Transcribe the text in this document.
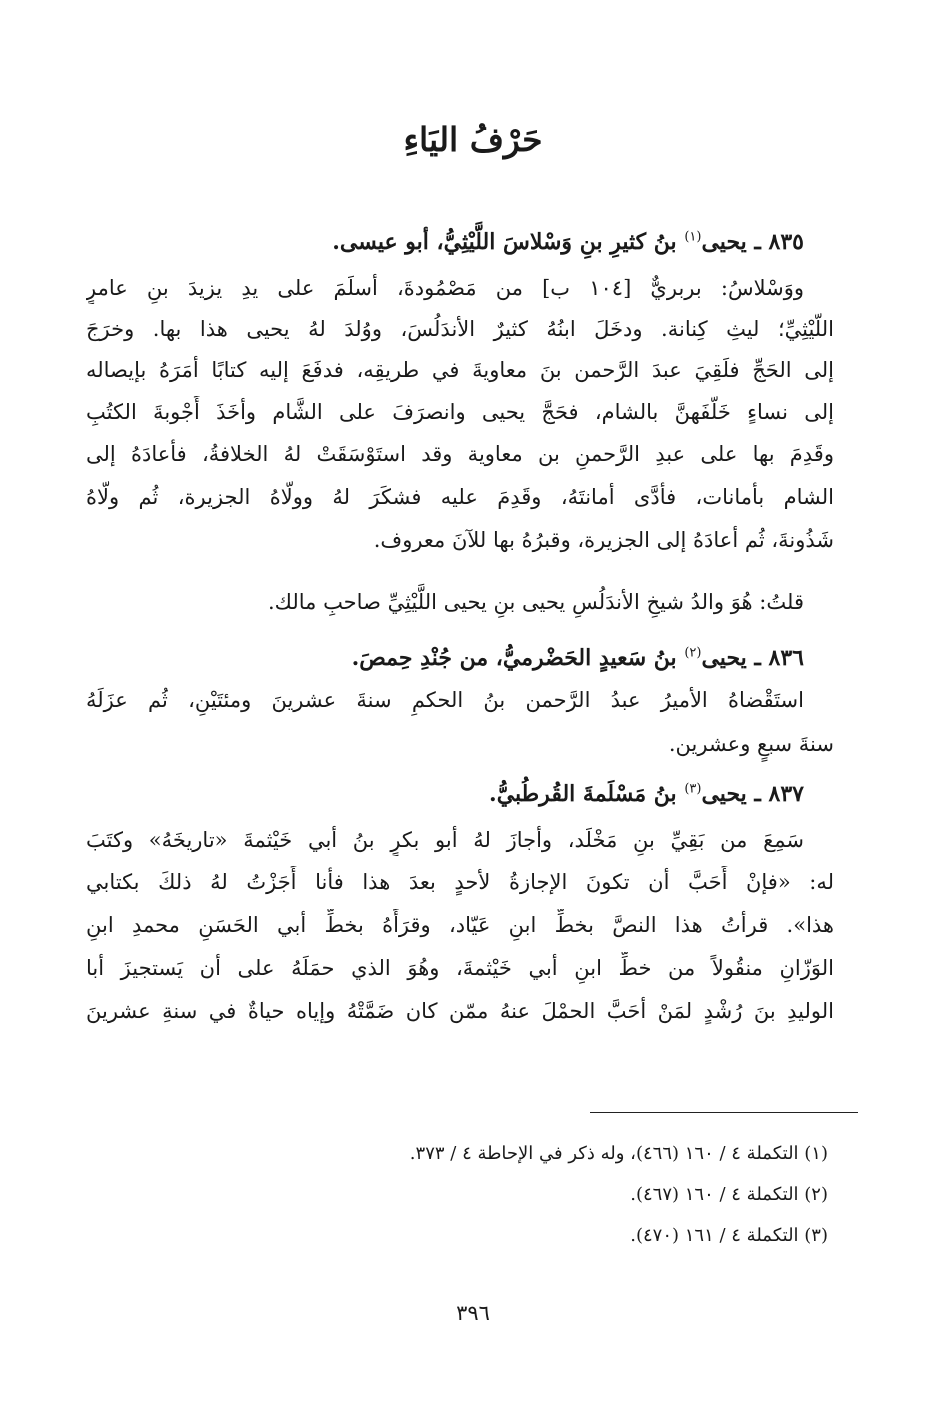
حَرْفُ اليَاءِ
٨٣٥ ـ يحيى$^{(١)}$ بنُ كثيرِ بنِ وَسْلاسَ اللَّيْثِيُّ، أبو عيسى.
ووَسْلاسُ: بربريٌّ [١٠٤ ب] من مَصْمُودةَ، أسلَمَ على يدِ يزيدَ بنِ عامرٍ
اللَّيْثِيِّ؛ ليثِ كِنانة. ودخَلَ ابنُهُ كثيرٌ الأندَلُسَ، ووُلدَ لهُ يحيى هذا بها. وخرَجَ
إلى الحَجِّ فلَقِيَ عبدَ الرَّحمن بنَ معاويةَ في طريقِه، فدفَعَ إليه كتابًا أمَرَهُ بإيصاله
إلى نساءٍ خَلَّفَهنَّ بالشام، فحَجَّ يحيى وانصرَفَ على الشَّام وأخَذَ أَجْوبةَ الكتُبِ
وقَدِمَ بها على عبدِ الرَّحمنِ بن معاوية وقد استَوْسَقَتْ لهُ الخلافةُ، فأعادَهُ إلى
الشام بأمانات، فأدَّى أمانتَهُ، وقَدِمَ عليه فشكَرَ لهُ وولّاهُ الجزيرة، ثُم ولّاهُ
شَذُونةَ، ثُم أعادَهُ إلى الجزيرة، وقبرُهُ بها للآنَ معروف.
قلتُ: هُوَ والدُ شيخِ الأندَلُسِ يحيى بنِ يحيى اللَّيْثِيِّ صاحبِ مالك.
٨٣٦ ـ يحيى$^{(٢)}$ بنُ سَعيدٍ الحَضْرميُّ، من جُنْدِ حِمصَ.
استَقْضاهُ الأميرُ عبدُ الرَّحمن بنُ الحكمِ سنةَ عشرينَ ومئتَيْنِ، ثُم عزَلَهُ
سنةَ سبعٍ وعشرين.
٨٣٧ ـ يحيى$^{(٣)}$ بنُ مَسْلَمةَ القُرطُبيُّ.
سَمِعَ من بَقِيِّ بنِ مَخْلَد، وأجازَ لهُ أبو بكرٍ بنُ أبي خَيْثمةَ «تاريخَهُ» وكتَبَ
له: «فإنْ أَحَبَّ أن تكونَ الإجازةُ لأحدٍ بعدَ هذا فأنا أَجَزْتُ لهُ ذلكَ بكتابي
هذا». قرأتُ هذا النصَّ بخطِّ ابنِ عَيّاد، وقرَأَهُ بخطِّ أبي الحَسَنِ محمدِ ابنِ
الوَزّانِ منقُولاً من خطِّ ابنِ أبي خَيْثمةَ، وهُوَ الذي حمَلَهُ على أن يَستجيزَ أبا
الوليدِ بنَ رُشْدٍ لمَنْ أحَبَّ الحمْلَ عنهُ ممّن كان ضَمَّتْهُ وإياه حياةٌ في سنةِ عشرينَ
(١) التكملة ٤ / ١٦٠ (٤٦٦)، وله ذكر في الإحاطة ٤ / ٣٧٣.
(٢) التكملة ٤ / ١٦٠ (٤٦٧).
(٣) التكملة ٤ / ١٦١ (٤٧٠).
٣٩٦
